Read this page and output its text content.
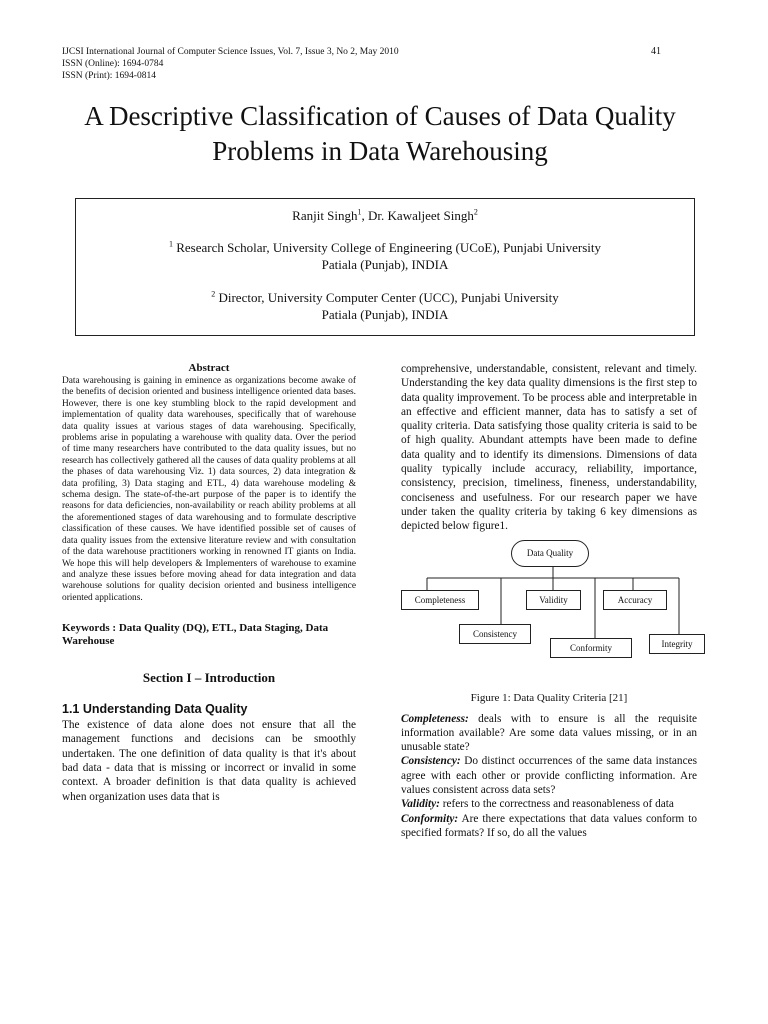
IJCSI International Journal of Computer Science Issues, Vol. 7, Issue 3, No 2, May 2010
ISSN (Online): 1694-0784
ISSN (Print): 1694-0814
41
A Descriptive Classification of Causes of Data Quality Problems in Data Warehousing

Ranjit Singh$^1$, Dr. Kawaljeet Singh$^2$

$^1$ Research Scholar, University College of Engineering (UCoE), Punjabi University

Patiala (Punjab), INDIA

$^2$ Director, University Computer Center (UCC), Punjabi University

Patiala (Punjab), INDIA

Abstract

Data warehousing is gaining in eminence as organizations become awake of the benefits of decision oriented and business intelligence oriented data bases. However, there is one key stumbling block to the rapid development and implementation of quality data warehouses, specifically that of warehouse data quality issues at various stages of data warehousing. Specifically, problems arise in populating a warehouse with quality data. Over the period of time many researchers have contributed to the data quality issues, but no research has collectively gathered all the causes of data quality problems at all the phases of data warehousing Viz. 1) data sources, 2) data integration & data profiling, 3) Data staging and ETL, 4) data warehouse modeling & schema design. The state-of-the-art purpose of the paper is to identify the reasons for data deficiencies, non-availability or reach ability problems at all the aforementioned stages of data warehousing and to formulate descriptive classification of these causes. We have identified possible set of causes of data quality issues from the extensive literature review and with consultation of the data warehouse practitioners working in renowned IT giants on India. We hope this will help developers & Implementers of warehouse to examine and analyze these issues before moving ahead for data integration and data warehouse solutions for quality decision oriented and business intelligence oriented applications.

Keywords : Data Quality (DQ), ETL, Data Staging, Data Warehouse

Section I – Introduction

1.1 Understanding Data Quality

The existence of data alone does not ensure that all the management functions and decisions can be smoothly undertaken. The one definition of data quality is that it's about bad data - data that is missing or incorrect or invalid in some context. A broader definition is that data quality is achieved when organization uses data that is

comprehensive, understandable, consistent, relevant and timely. Understanding the key data quality dimensions is the first step to data quality improvement. To be process able and interpretable in an effective and efficient manner, data has to satisfy a set of quality criteria. Data satisfying those quality criteria is said to be of high quality. Abundant attempts have been made to define data quality and to identify its dimensions. Dimensions of data quality typically include accuracy, reliability, importance, consistency, precision, timeliness, fineness, understandability, conciseness and usefulness. For our research paper we have under taken the quality criteria by taking 6 key dimensions as depicted below figure1.

Data Quality
Completeness	Validity	Accuracy
Consistency
Conformity	Integrity

Figure 1: Data Quality Criteria [21]

Completeness: deals with to ensure is all the requisite information available? Are some data values missing, or in an unusable state?

Consistency: Do distinct occurrences of the same data instances agree with each other or provide conflicting information. Are values consistent across data sets?

Validity: refers to the correctness and reasonableness of data

Conformity: Are there expectations that data values conform to specified formats? If so, do all the values
